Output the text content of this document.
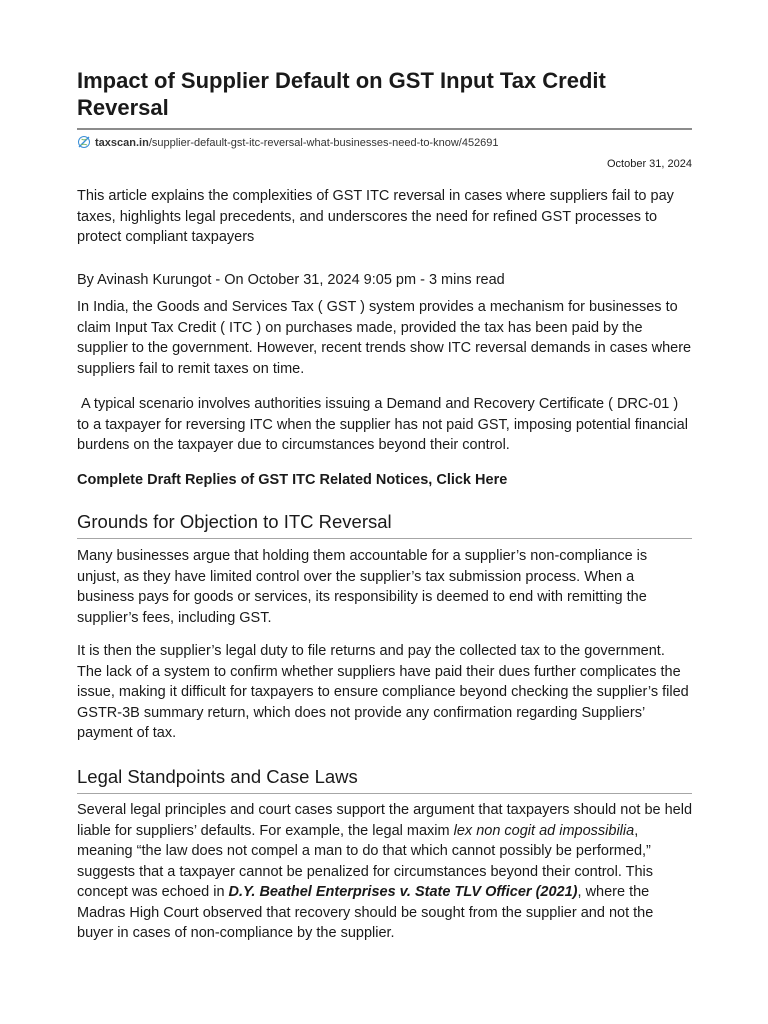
Impact of Supplier Default on GST Input Tax Credit Reversal
taxscan.in/supplier-default-gst-itc-reversal-what-businesses-need-to-know/452691
October 31, 2024

This article explains the complexities of GST ITC reversal in cases where suppliers fail to pay taxes, highlights legal precedents, and underscores the need for refined GST processes to protect compliant taxpayers

By Avinash Kurungot - On October 31, 2024 9:05 pm - 3 mins read

In India, the Goods and Services Tax ( GST ) system provides a mechanism for businesses to claim Input Tax Credit ( ITC ) on purchases made, provided the tax has been paid by the supplier to the government. However, recent trends show ITC reversal demands in cases where suppliers fail to remit taxes on time.

A typical scenario involves authorities issuing a Demand and Recovery Certificate ( DRC-01 ) to a taxpayer for reversing ITC when the supplier has not paid GST, imposing potential financial burdens on the taxpayer due to circumstances beyond their control.

Complete Draft Replies of GST ITC Related Notices, Click Here

Grounds for Objection to ITC Reversal

Many businesses argue that holding them accountable for a supplier’s non-compliance is unjust, as they have limited control over the supplier’s tax submission process. When a business pays for goods or services, its responsibility is deemed to end with remitting the supplier’s fees, including GST.

It is then the supplier’s legal duty to file returns and pay the collected tax to the government. The lack of a system to confirm whether suppliers have paid their dues further complicates the issue, making it difficult for taxpayers to ensure compliance beyond checking the supplier’s filed GSTR-3B summary return, which does not provide any confirmation regarding Suppliers’ payment of tax.

Legal Standpoints and Case Laws

Several legal principles and court cases support the argument that taxpayers should not be held liable for suppliers’ defaults. For example, the legal maxim lex non cogit ad impossibilia, meaning “the law does not compel a man to do that which cannot possibly be performed,” suggests that a taxpayer cannot be penalized for circumstances beyond their control. This concept was echoed in D.Y. Beathel Enterprises v. State TLV Officer (2021), where the Madras High Court observed that recovery should be sought from the supplier and not the buyer in cases of non-compliance by the supplier.
